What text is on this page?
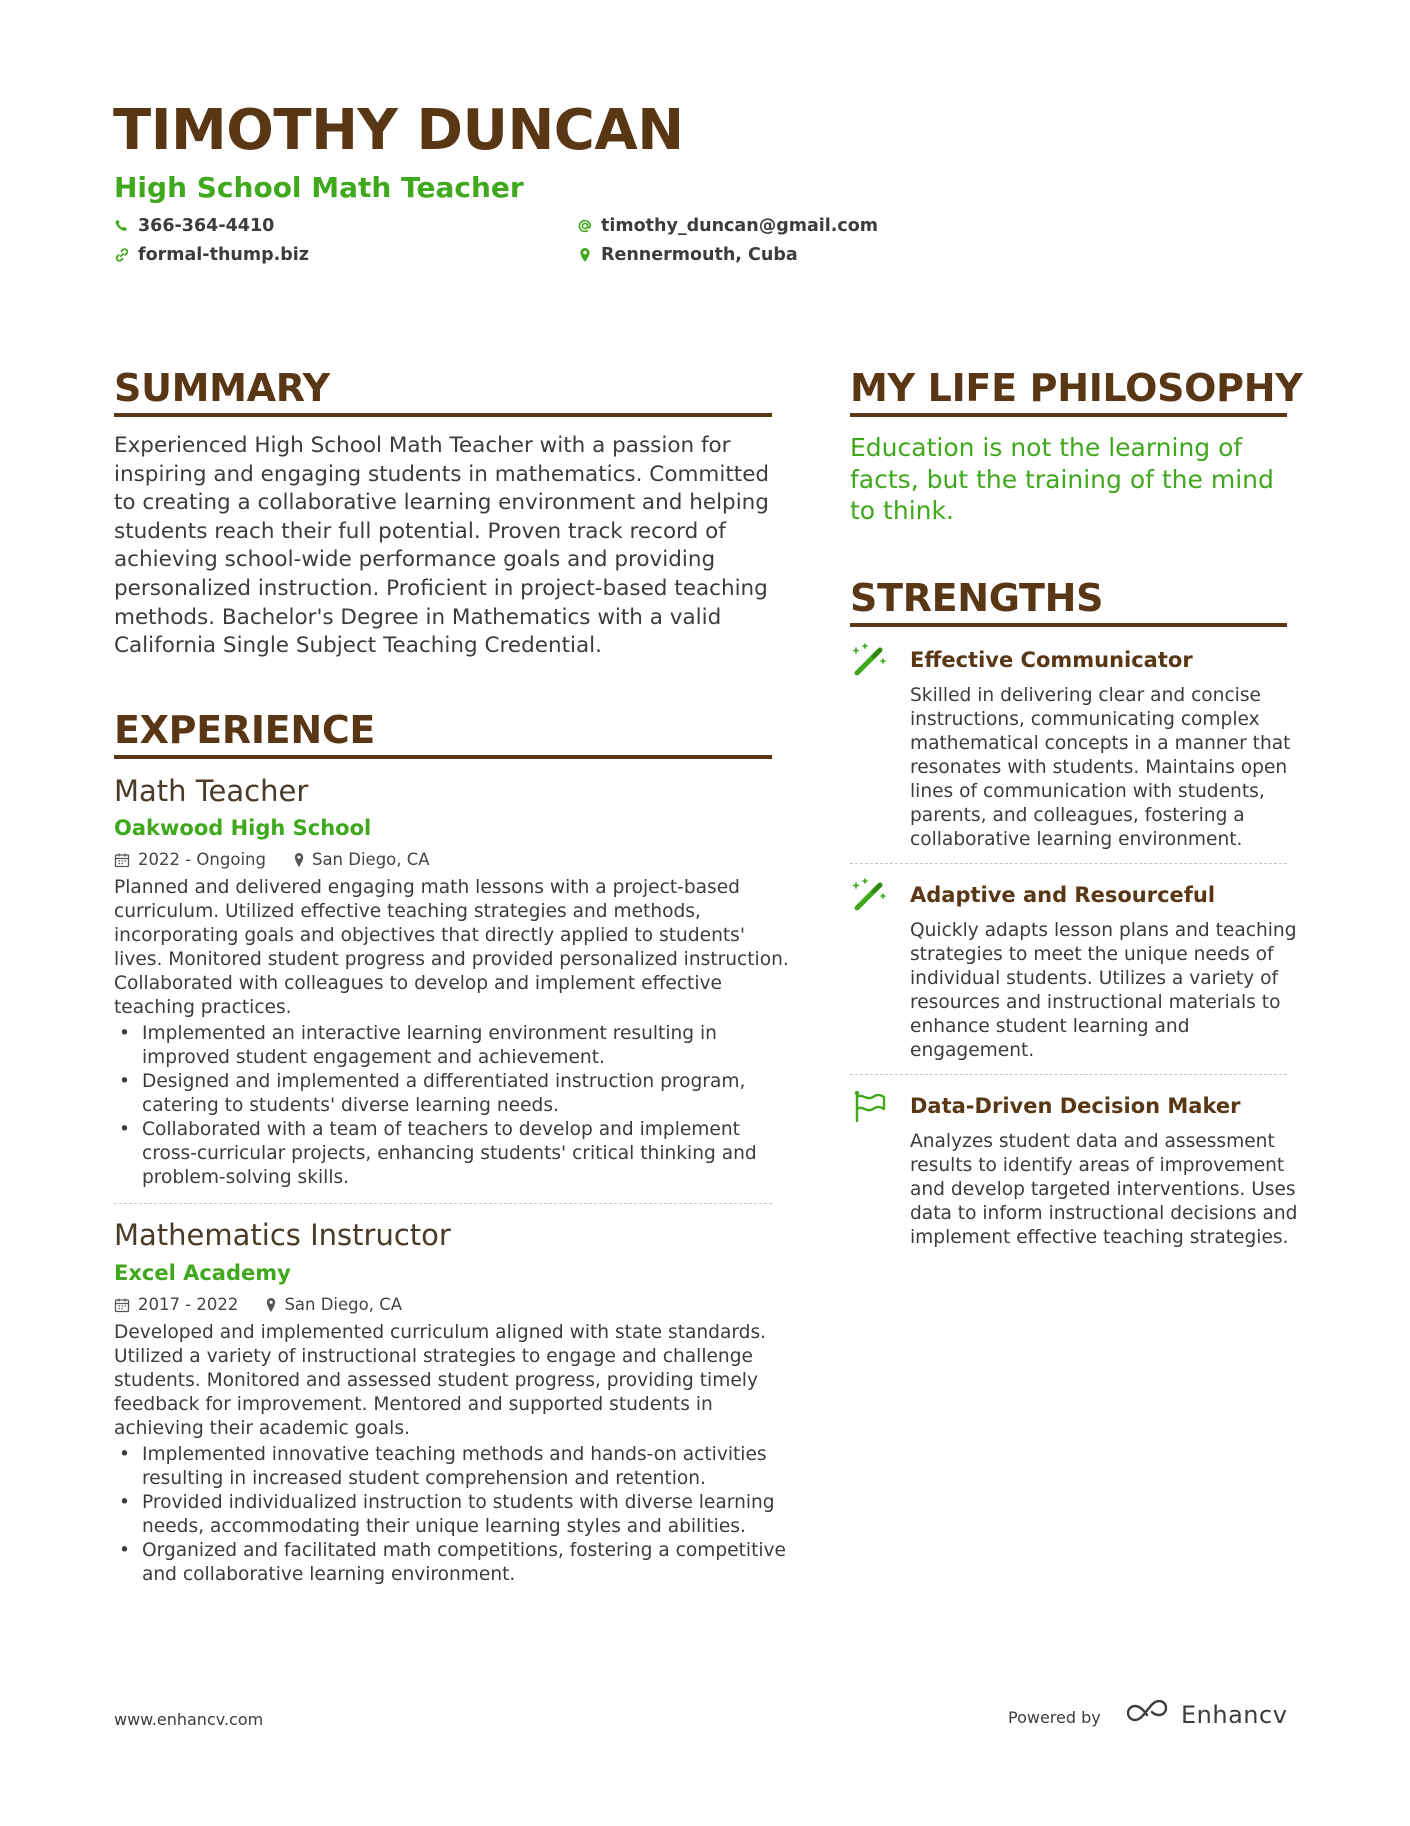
TIMOTHY DUNCAN
High School Math Teacher
366-364-4410
formal-thump.biz
timothy_duncan@gmail.com
Rennermouth, Cuba
SUMMARY

Experienced High School Math Teacher with a passion for inspiring and engaging students in mathematics. Committed to creating a collaborative learning environment and helping students reach their full potential. Proven track record of achieving school-wide performance goals and providing personalized instruction. Proficient in project-based teaching methods. Bachelor's Degree in Mathematics with a valid California Single Subject Teaching Credential.

EXPERIENCE
Math Teacher
Oakwood High School
2022 - Ongoing	San Diego, CA

Planned and delivered engaging math lessons with a project-based curriculum. Utilized effective teaching strategies and methods, incorporating goals and objectives that directly applied to students' lives. Monitored student progress and provided personalized instruction. Collaborated with colleagues to develop and implement effective teaching practices.

• Implemented an interactive learning environment resulting in improved student engagement and achievement.
• Designed and implemented a differentiated instruction program, catering to students' diverse learning needs.
• Collaborated with a team of teachers to develop and implement cross-curricular projects, enhancing students' critical thinking and problem-solving skills.
Mathematics Instructor
Excel Academy
2017 - 2022	San Diego, CA

Developed and implemented curriculum aligned with state standards. Utilized a variety of instructional strategies to engage and challenge students. Monitored and assessed student progress, providing timely feedback for improvement. Mentored and supported students in achieving their academic goals.

• Implemented innovative teaching methods and hands-on activities resulting in increased student comprehension and retention.
• Provided individualized instruction to students with diverse learning needs, accommodating their unique learning styles and abilities.
• Organized and facilitated math competitions, fostering a competitive and collaborative learning environment.
MY LIFE PHILOSOPHY

Education is not the learning of facts, but the training of the mind to think.

STRENGTHS
Effective Communicator

Skilled in delivering clear and concise instructions, communicating complex mathematical concepts in a manner that resonates with students. Maintains open lines of communication with students, parents, and colleagues, fostering a collaborative learning environment.

Adaptive and Resourceful

Quickly adapts lesson plans and teaching strategies to meet the unique needs of individual students. Utilizes a variety of resources and instructional materials to enhance student learning and engagement.

Data-Driven Decision Maker

Analyzes student data and assessment results to identify areas of improvement and develop targeted interventions. Uses data to inform instructional decisions and implement effective teaching strategies.

www.enhancv.com	Powered by	Enhancv
